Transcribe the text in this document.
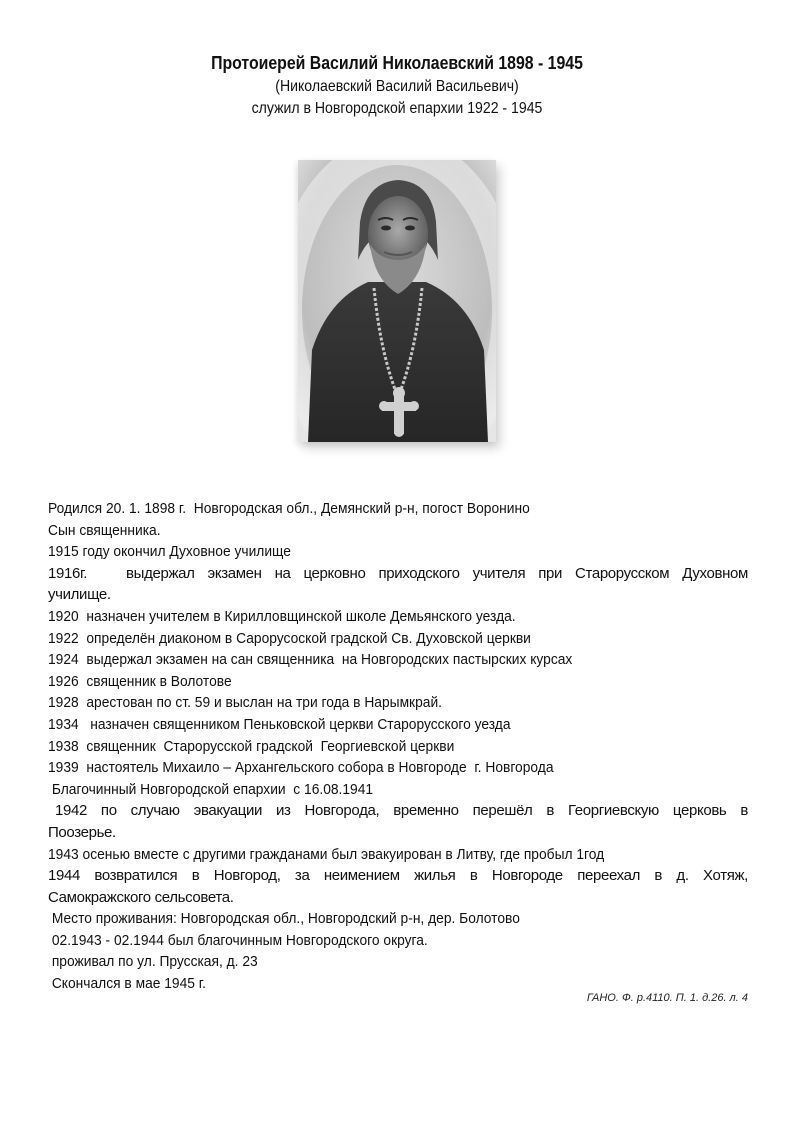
Протоиерей Василий Николаевский 1898 - 1945
(Николаевский Василий Васильевич)
служил в Новгородской епархии 1922 - 1945
Родился 20. 1. 1898 г.  Новгородская обл., Демянский р-н, погост Воронино
Сын священника.
1915 году окончил Духовное училище
1916г.   выдержал экзамен на церковно приходского учителя при Старорусском Духовном
училище.
1920  назначен учителем в Кирилловщинской школе Демьянского уезда.
1922  определён диаконом в Сарорусоской градской Св. Духовской церкви
1924  выдержал экзамен на сан священника  на Новгородских пастырских курсах
1926  священник в Волотове
1928  арестован по ст. 59 и выслан на три года в Нарымкрай.
1934   назначен священником Пеньковской церкви Старорусского уезда
1938  священник  Старорусской градской  Георгиевской церкви
1939  настоятель Михаило – Архангельского собора в Новгороде  г. Новгорода
Благочинный Новгородской епархии  с 16.08.1941
1942  по  случаю  эвакуации  из  Новгорода,  временно  перешёл  в  Георгиевскую  церковь  в
Поозерье.
1943 осенью вместе с другими гражданами был эвакуирован в Литву, где пробыл 1год
1944  возвратился  в  Новгород,  за  неимением  жилья  в  Новгороде  переехал  в  д.  Хотяж,
Самокражского сельсовета.
Место проживания: Новгородская обл., Новгородский р-н, дер. Болотово
02.1943 - 02.1944 был благочинным Новгородского округа.
проживал по ул. Прусская, д. 23
Скончался в мае 1945 г.
ГАНО. Ф. р.4110. П. 1. д.26. л. 4
